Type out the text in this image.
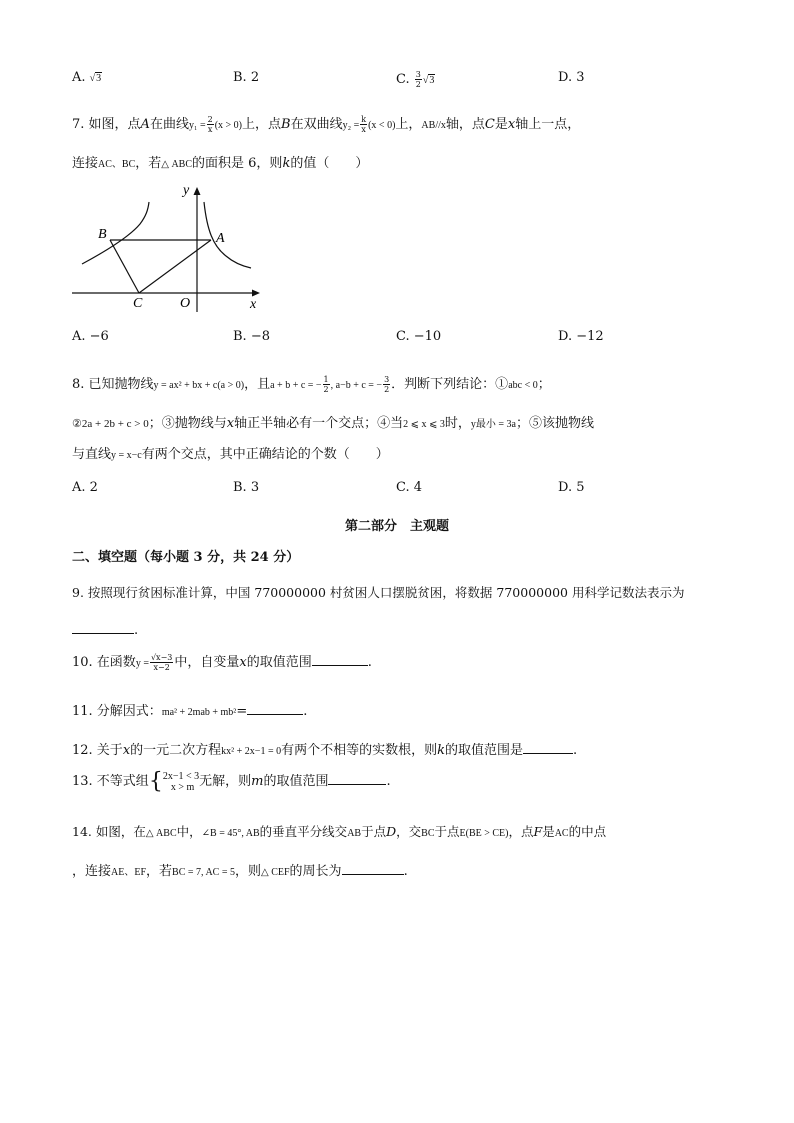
A. √3	B. 2	C. $\frac{3}{2} √3$	D. 3
7. 如图，点A在曲线$y_1 = \frac{2}{x} (x > 0)$上，点B在双曲线$y_2 = \frac{k}{x} (x < 0)$上，AB//x轴，点C是x轴上一点，
连接AC、BC，若△ ABC的面积是 6，则k的值（　　）
y
B	A
C	O	x
A. −6	B. −8	C. −10	D. −12
8. 已知抛物线y = ax² + bx + c(a > 0)，且a + b + c = − $\frac{1}{2}$ , a−b + c = − $\frac{3}{2}$ ．判断下列结论：①abc < 0；
②2a + 2b + c > 0；③抛物线与x轴正半轴必有一个交点；④当2 ⩽ x ⩽ 3时，y最小 = 3a；⑤该抛物线
与直线y = x−c有两个交点，其中正确结论的个数（　　）
A. 2	B. 3	C. 4	D. 5
第二部分　主观题
二、填空题（每小题 3 分，共 24 分）
9. 按照现行贫困标准计算，中国 770000000 村贫困人口摆脱贫困，将数据 770000000 用科学记数法表示为
.
10. 在函数$y = \frac{√x-3}{x-2}$ 中，自变量x的取值范围	.
11. 分解因式：ma² + 2mab + mb²=	.
12. 关于x的一元二次方程kx² + 2x−1 = 0有两个不相等的实数根，则k的取值范围是	.
13. 不等式组{ 2x−1 < 3
x > m 无解，则m的取值范围	.
14. 如图，在△ ABC中，∠B = 45°, AB的垂直平分线交AB于点D，交BC于点E(BE > CE)，点F是AC的中点
，连接AE、EF，若BC = 7, AC = 5，则△ CEF的周长为	.
